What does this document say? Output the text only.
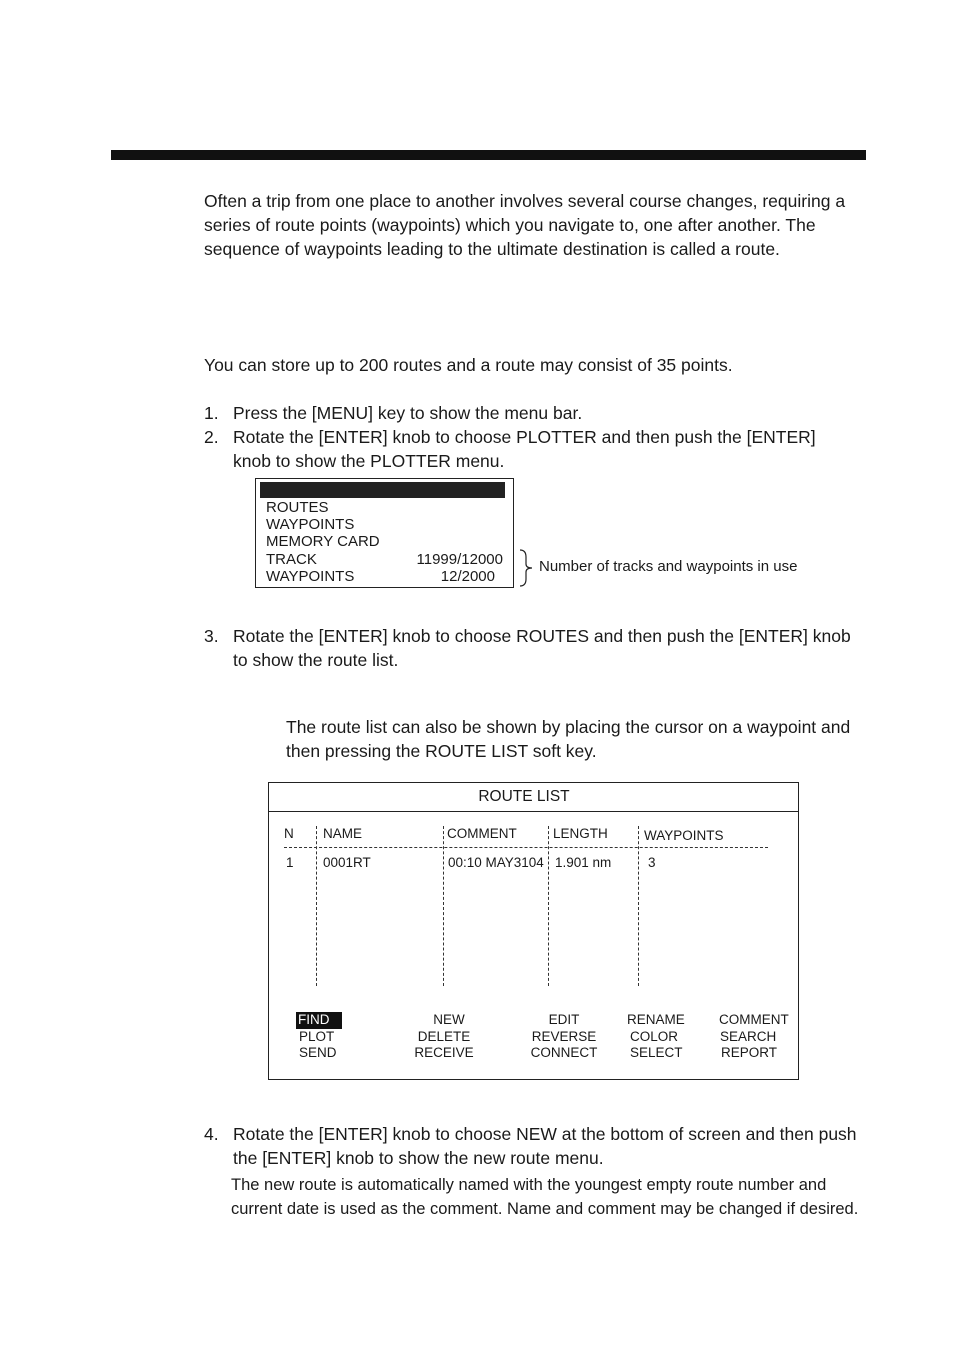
Often a trip from one place to another involves several course changes, requiring a series of route points (waypoints) which you navigate to, one after another. The sequence of waypoints leading to the ultimate destination is called a route.

You can store up to 200 routes and a route may consist of 35 points.

1. Press the [MENU] key to show the menu bar.
2. Rotate the [ENTER] knob to choose PLOTTER and then push the [ENTER] knob to show the PLOTTER menu.
ROUTES
WAYPOINTS
MEMORY CARD
TRACK	11999/12000
WAYPOINTS	12/2000
Number of tracks and waypoints in use
3. Rotate the [ENTER] knob to choose ROUTES and then push the [ENTER] knob to show the route list.

The route list can also be shown by placing the cursor on a waypoint and then pressing the ROUTE LIST soft key.

ROUTE LIST
N NAME	COMMENT	LENGTH	WAYPOINTS
1 0001RT	00:10 MAY3104 1.901 nm	3
FIND
PLOT
SEND
NEW
DELETE
RECEIVE
EDIT
REVERSE
CONNECT
RENAME
COLOR
SELECT
COMMENT
SEARCH
REPORT
4. Rotate the [ENTER] knob to choose NEW at the bottom of screen and then push the [ENTER] knob to show the new route menu.

The new route is automatically named with the youngest empty route number and current date is used as the comment. Name and comment may be changed if desired.
